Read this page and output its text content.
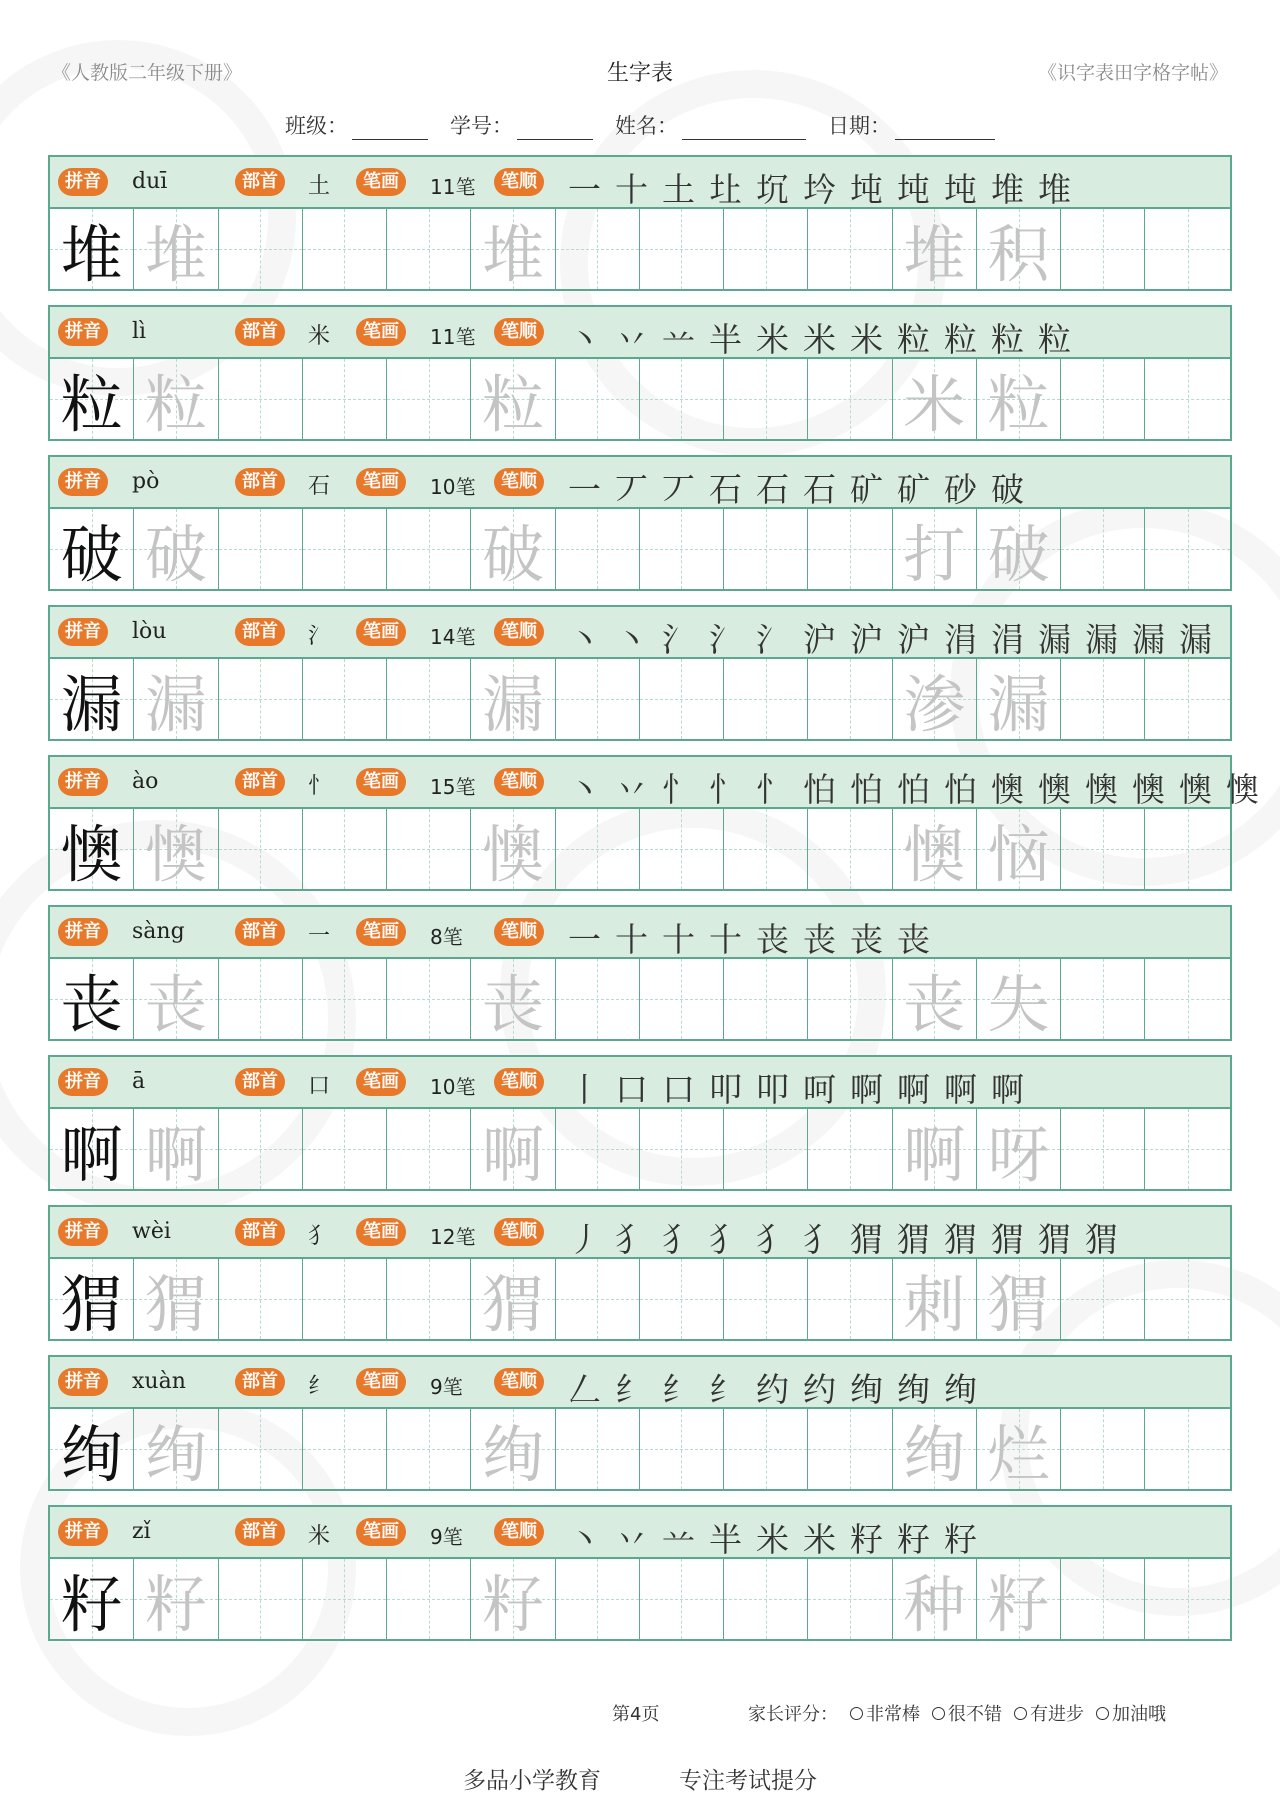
《人教版二年级下册》	生字表	《识字表田字格字帖》
班级：	学号：	姓名：	日期：
拼音	duī	部首	土	笔画	11笔	笔顺 一 十 土 圵 坈 坅 坉 坉 坉 堆 堆
堆 堆	堆	堆 积
拼音	lì	部首	米	笔画	11笔	笔顺 丶 丷 䒑 半 米 米 米 粒 粒 粒 粒
粒 粒	粒	米 粒
拼音	pò	部首	石	笔画	10笔	笔顺 一 丆 丆 石 石 石 矿 矿 砂 破
破 破	破	打 破
拼音	lòu	部首	氵	笔画	14笔	笔顺 丶 丶 氵 氵 氵 沪 沪 沪 涓 涓 漏 漏 漏 漏
漏 漏	漏	渗 漏
拼音	ào	部首	忄	笔画	15笔	笔顺 丶 丷 忄 忄 忄 怕 怕 怕 怕 懊 懊 懊 懊 懊 懊
懊 懊	懊	懊 恼
拼音	sàng	部首	一	笔画	8笔	笔顺 一 十 十 十 丧 丧 丧 丧
丧 丧	丧	丧 失
拼音	ā	部首	口	笔画	10笔	笔顺 丨 口 口 叩 叩 呵 啊 啊 啊 啊
啊 啊	啊	啊 呀
拼音	wèi	部首	犭	笔画	12笔	笔顺 丿 犭 犭 犭 犭 犭 猬 猬 猬 猬 猬 猬
猬 猬	猬	刺 猬
拼音	xuàn	部首	纟	笔画	9笔	笔顺 𠃋 纟 纟 纟 约 约 绚 绚 绚
绚 绚	绚	绚 烂
拼音	zǐ	部首	米	笔画	9笔	笔顺 丶 丷 䒑 半 米 米 籽 籽 籽
籽 籽	籽	种 籽
第4页	家长评分： 非常棒 很不错 有进步 加油哦
多品小学教育	专注考试提分
